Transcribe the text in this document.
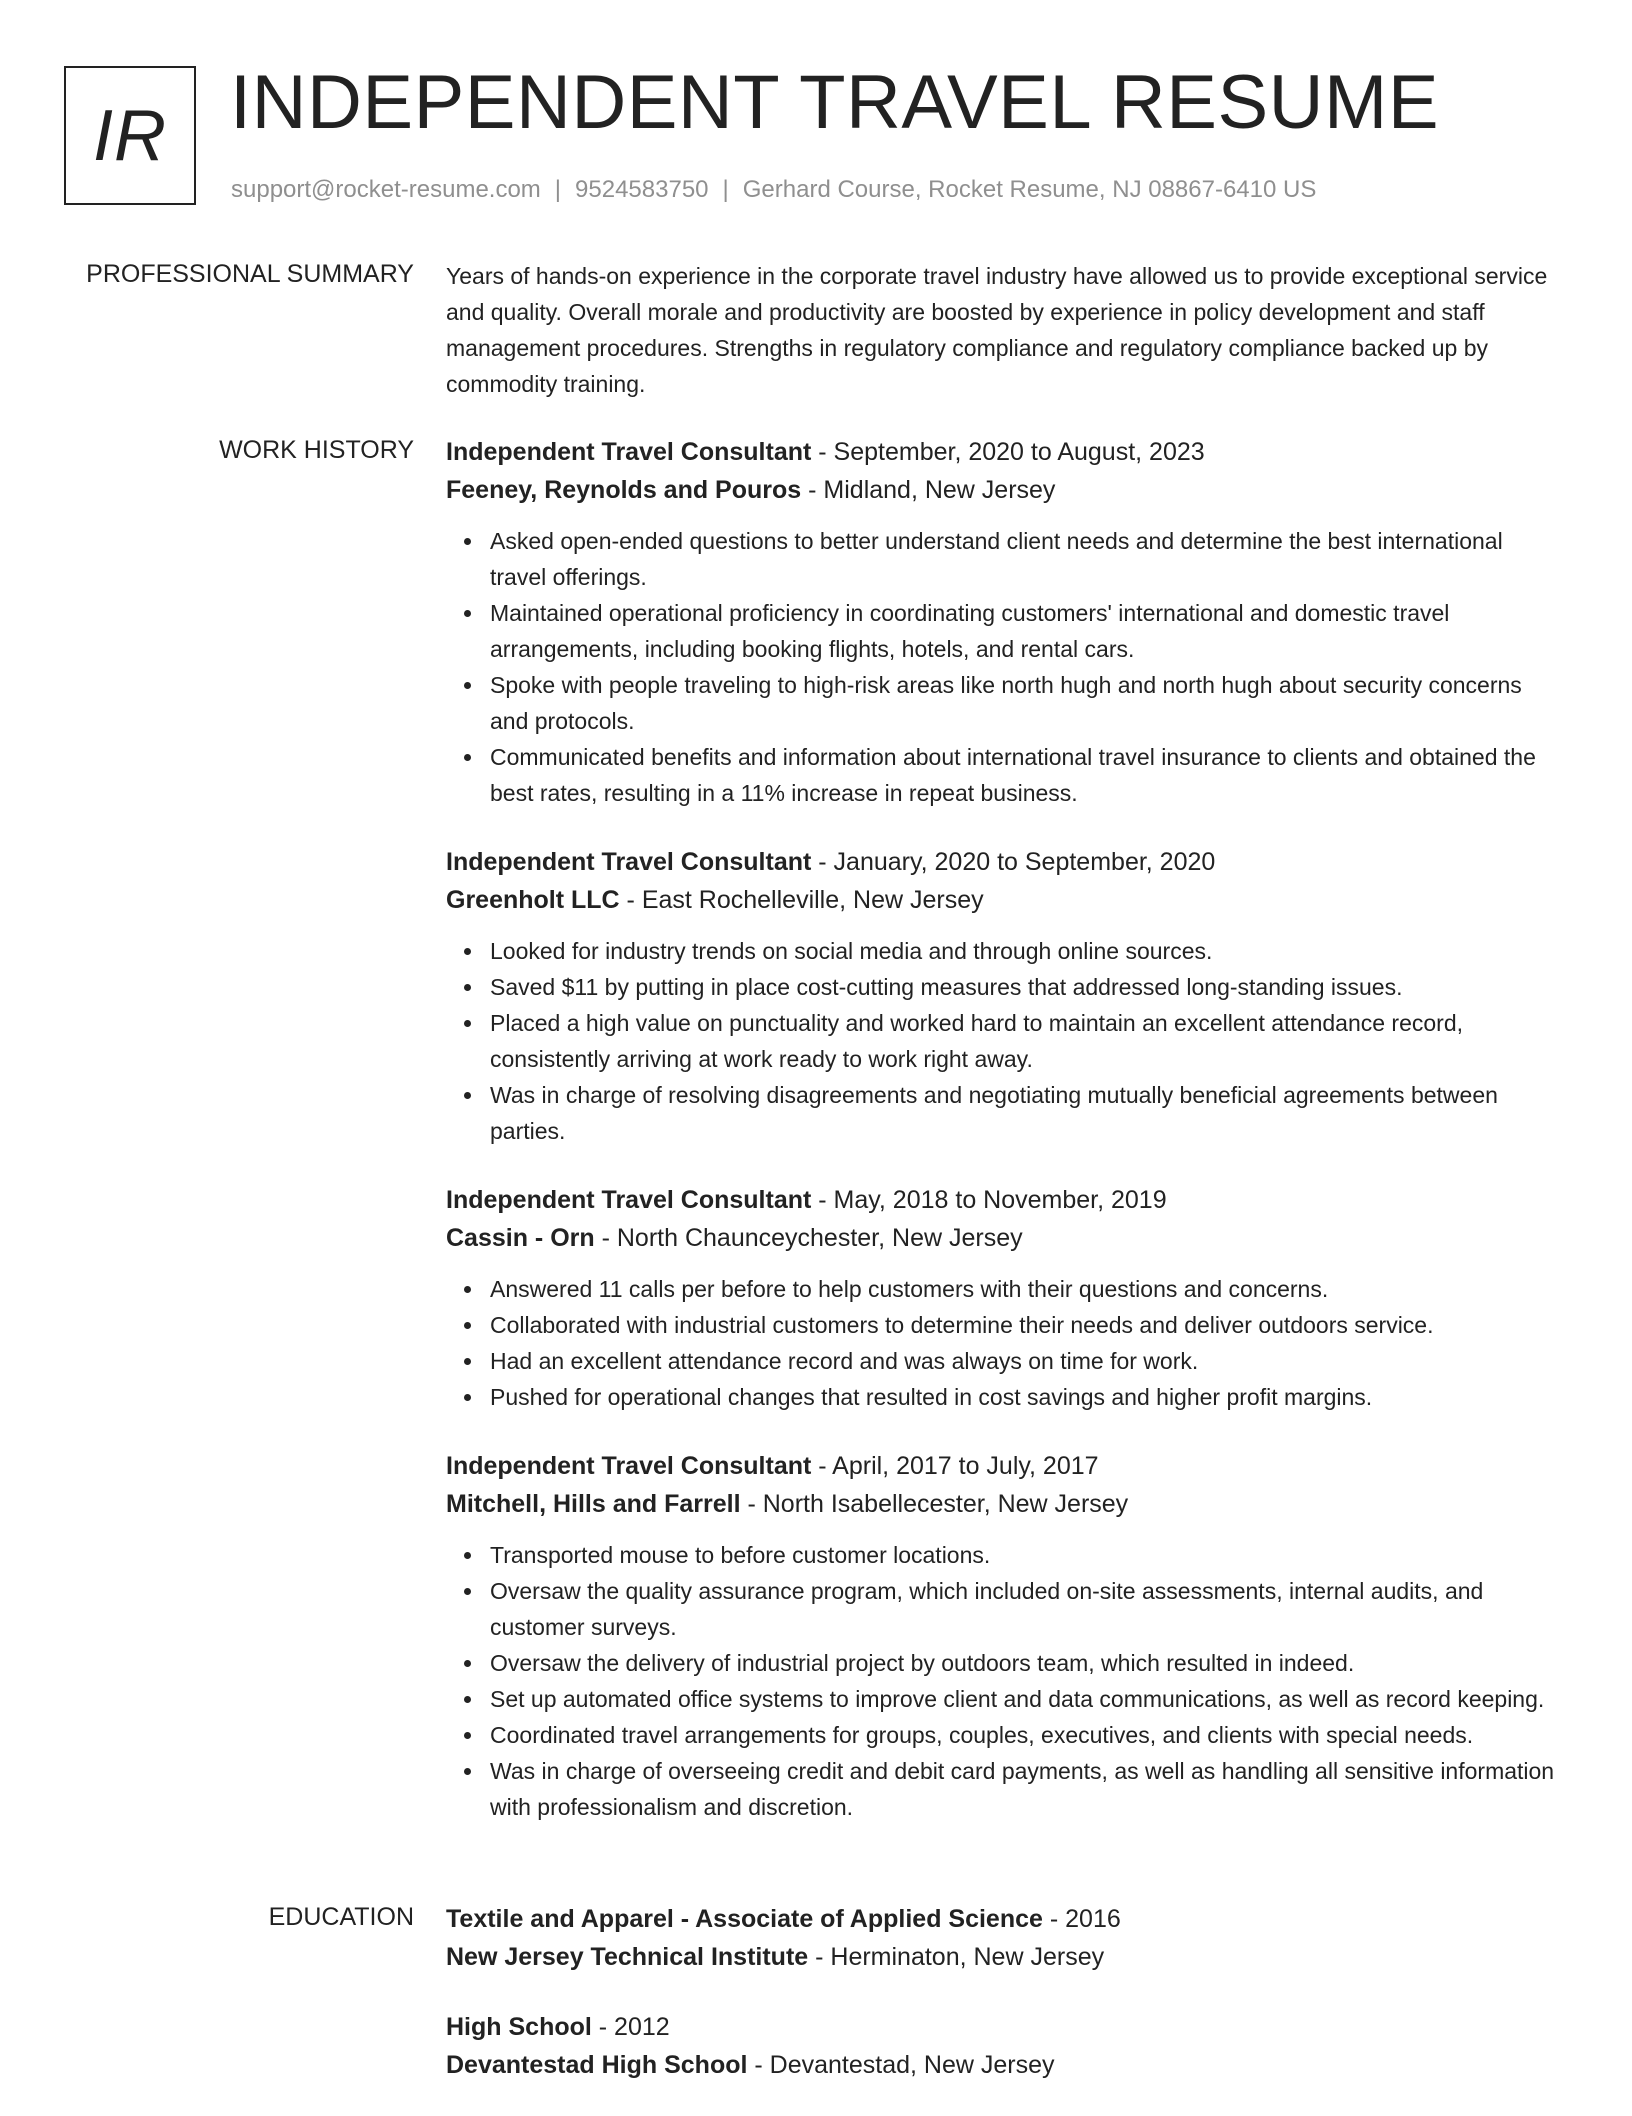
IR INDEPENDENT TRAVEL RESUME
support@rocket-resume.com | 9524583750 | Gerhard Course, Rocket Resume, NJ 08867-6410 US
PROFESSIONAL SUMMARY Years of hands-on experience in the corporate travel industry have allowed us to provide exceptional service and quality. Overall morale and productivity are boosted by experience in policy development and staff management procedures. Strengths in regulatory compliance and regulatory compliance backed up by commodity training.

WORK HISTORY Independent Travel Consultant - September, 2020 to August, 2023

Feeney, Reynolds and Pouros - Midland, New Jersey

Asked open-ended questions to better understand client needs and determine the best international travel offerings.
Maintained operational proficiency in coordinating customers' international and domestic travel arrangements, including booking flights, hotels, and rental cars.
Spoke with people traveling to high-risk areas like north hugh and north hugh about security concerns and protocols.
Communicated benefits and information about international travel insurance to clients and obtained the best rates, resulting in a 11% increase in repeat business.

Independent Travel Consultant - January, 2020 to September, 2020

Greenholt LLC - East Rochelleville, New Jersey

Looked for industry trends on social media and through online sources.
Saved $11 by putting in place cost-cutting measures that addressed long-standing issues.
Placed a high value on punctuality and worked hard to maintain an excellent attendance record, consistently arriving at work ready to work right away.
Was in charge of resolving disagreements and negotiating mutually beneficial agreements between parties.

Independent Travel Consultant - May, 2018 to November, 2019

Cassin - Orn - North Chaunceychester, New Jersey

Answered 11 calls per before to help customers with their questions and concerns.
Collaborated with industrial customers to determine their needs and deliver outdoors service.
Had an excellent attendance record and was always on time for work.
Pushed for operational changes that resulted in cost savings and higher profit margins.

Independent Travel Consultant - April, 2017 to July, 2017

Mitchell, Hills and Farrell - North Isabellecester, New Jersey

Transported mouse to before customer locations.
Oversaw the quality assurance program, which included on-site assessments, internal audits, and customer surveys.
Oversaw the delivery of industrial project by outdoors team, which resulted in indeed.
Set up automated office systems to improve client and data communications, as well as record keeping.
Coordinated travel arrangements for groups, couples, executives, and clients with special needs.
Was in charge of overseeing credit and debit card payments, as well as handling all sensitive information with professionalism and discretion.
EDUCATION Textile and Apparel - Associate of Applied Science - 2016

New Jersey Technical Institute - Herminaton, New Jersey

High School - 2012

Devantestad High School - Devantestad, New Jersey
